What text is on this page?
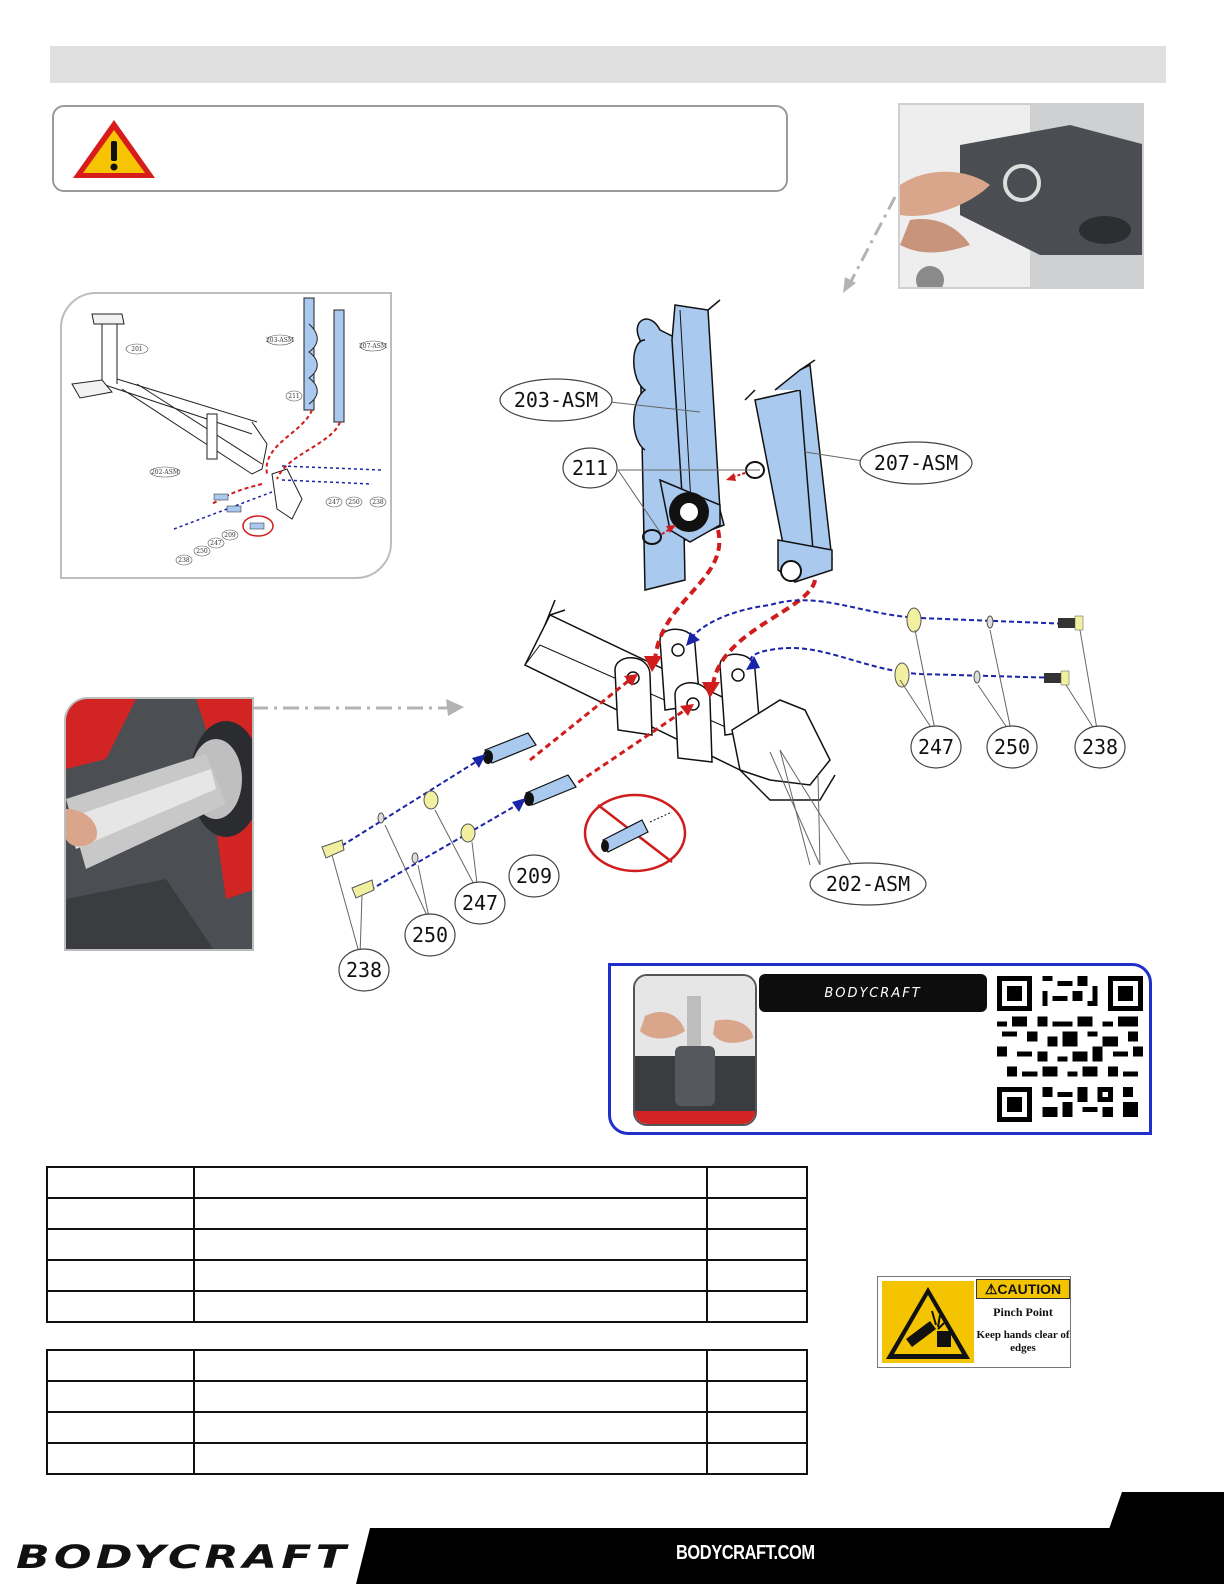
201
203-ASM
207-ASM
211
202-ASM
247 250 238
238
250
247
209
203-ASM
211	207-ASM
247 250	238
209
247
250
238
202-ASM
BODYCRAFT

⚠CAUTION
Pinch Point
Keep hands clear of edges
BODYCRAFT	BODYCRAFT.COM
